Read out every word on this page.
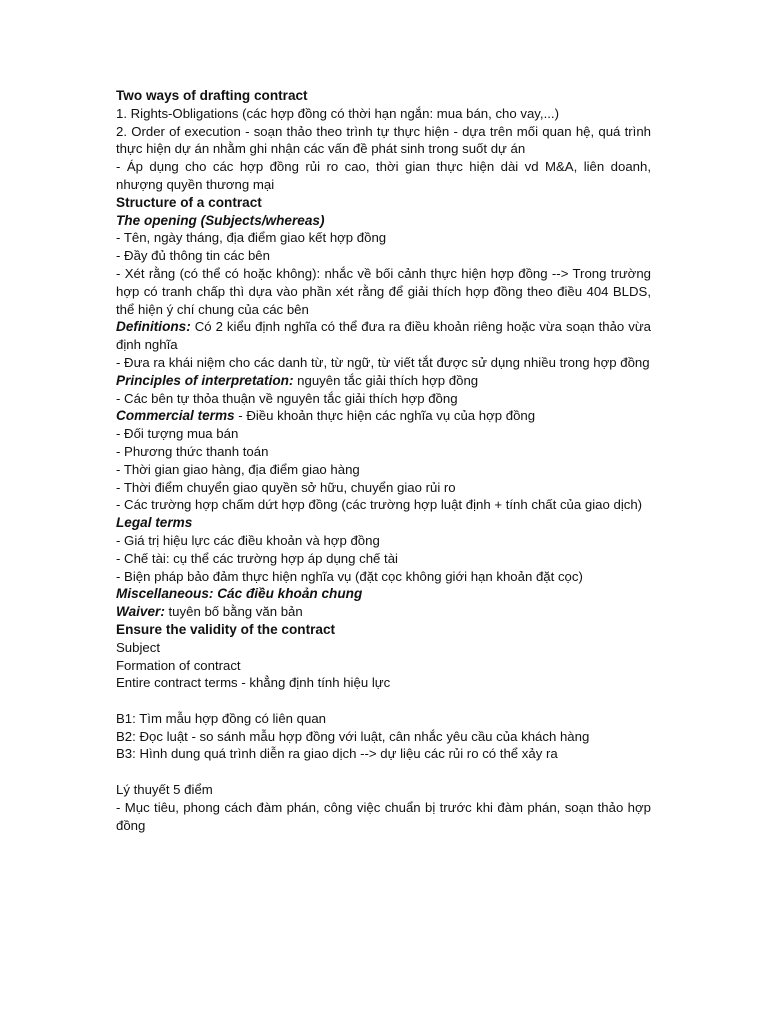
Two ways of drafting contract

1. Rights-Obligations (các hợp đồng có thời hạn ngắn: mua bán, cho vay,...)

2. Order of execution - soạn thảo theo trình tự thực hiện - dựa trên mối quan hệ, quá trình thực hiện dự án nhằm ghi nhận các vấn đề phát sinh trong suốt dự án

- Áp dụng cho các hợp đồng rủi ro cao, thời gian thực hiện dài vd M&A, liên doanh, nhượng quyền thương mại

Structure of a contract

The opening (Subjects/whereas)

- Tên, ngày tháng, địa điểm giao kết hợp đồng

- Đầy đủ thông tin các bên

- Xét rằng (có thể có hoặc không): nhắc về bối cảnh thực hiện hợp đồng --> Trong trường hợp có tranh chấp thì dựa vào phần xét rằng để giải thích hợp đồng theo điều 404 BLDS, thể hiện ý chí chung của các bên

Definitions: Có 2 kiểu định nghĩa có thể đưa ra điều khoản riêng hoặc vừa soạn thảo vừa định nghĩa

- Đưa ra khái niệm cho các danh từ, từ ngữ, từ viết tắt được sử dụng nhiều trong hợp đồng

Principles of interpretation: nguyên tắc giải thích hợp đồng

- Các bên tự thỏa thuận về nguyên tắc giải thích hợp đồng

Commercial terms - Điều khoản thực hiện các nghĩa vụ của hợp đồng

- Đối tượng mua bán

- Phương thức thanh toán

- Thời gian giao hàng, địa điểm giao hàng

- Thời điểm chuyển giao quyền sở hữu, chuyển giao rủi ro

- Các trường hợp chấm dứt hợp đồng (các trường hợp luật định + tính chất của giao dịch)

Legal terms

- Giá trị hiệu lực các điều khoản và hợp đồng

- Chế tài: cụ thể các trường hợp áp dụng chế tài

- Biện pháp bảo đảm thực hiện nghĩa vụ (đặt cọc không giới hạn khoản đặt cọc)

Miscellaneous: Các điều khoản chung

Waiver: tuyên bố bằng văn bản

Ensure the validity of the contract

Subject

Formation of contract

Entire contract terms - khẳng định tính hiệu lực

B1: Tìm mẫu hợp đồng có liên quan

B2: Đọc luật - so sánh mẫu hợp đồng với luật, cân nhắc yêu cầu của khách hàng

B3: Hình dung quá trình diễn ra giao dịch --> dự liệu các rủi ro có thể xảy ra

Lý thuyết 5 điểm

- Mục tiêu, phong cách đàm phán, công việc chuẩn bị trước khi đàm phán, soạn thảo hợp đồng
